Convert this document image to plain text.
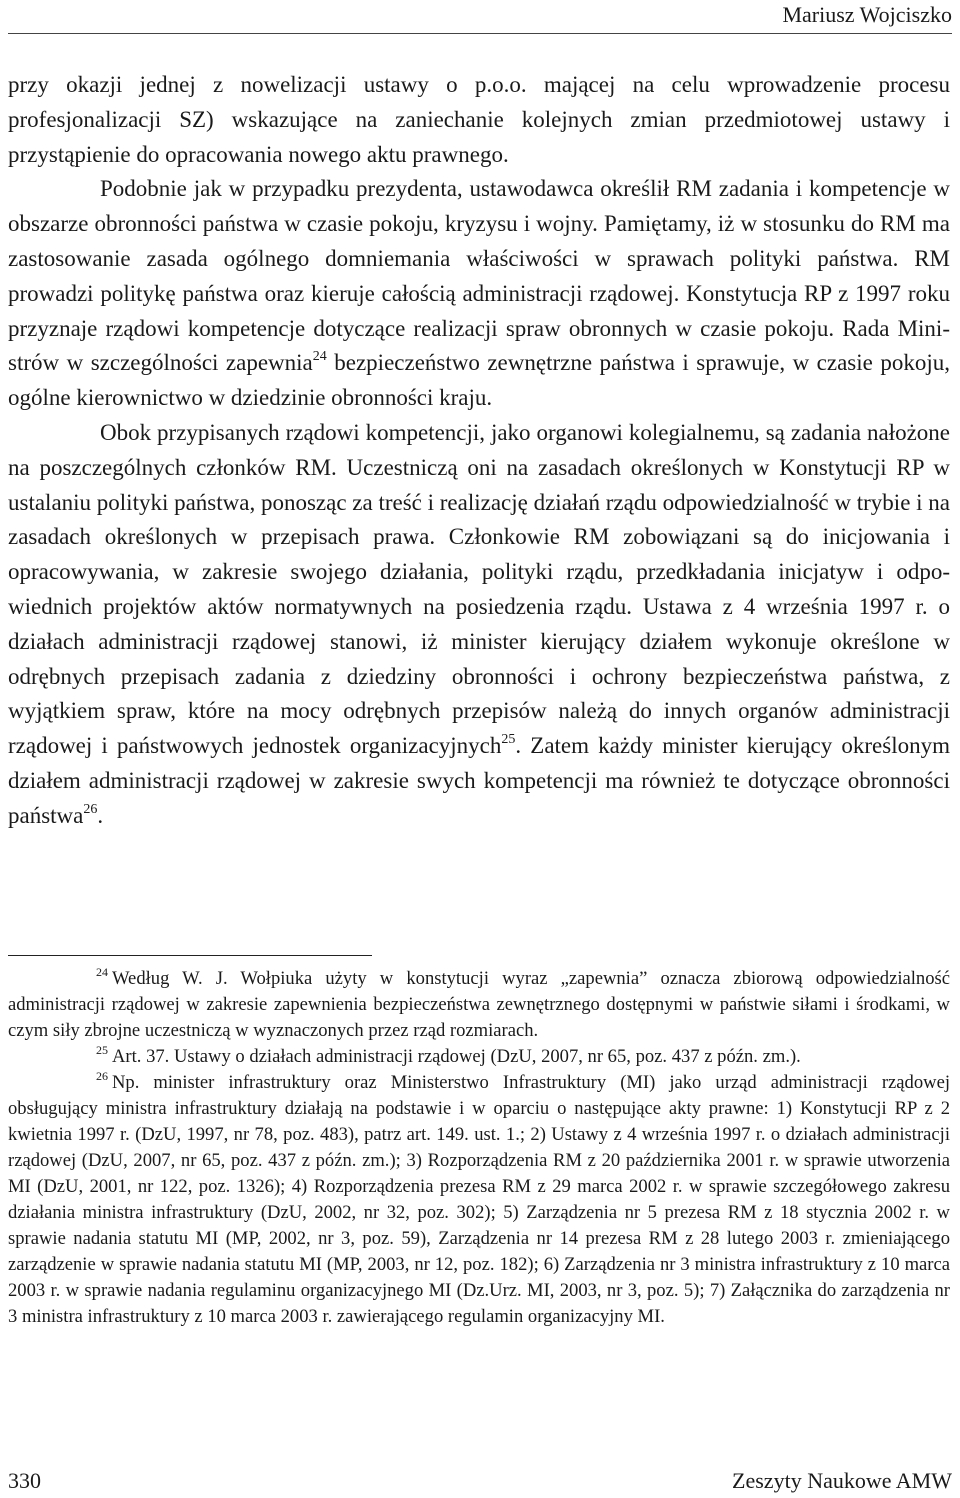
Mariusz Wojciszko

przy okazji jednej z nowelizacji ustawy o p.o.o. mającej na celu wprowadzenie procesu profesjonalizacji SZ) wskazujące na zaniechanie kolejnych zmian przedmiotowej ustawy i przystąpienie do opracowania nowego aktu prawnego.

Podobnie jak w przypadku prezydenta, ustawodawca określił RM zadania i kompetencje w obszarze obronności państwa w czasie pokoju, kryzysu i wojny. Pamiętamy, iż w stosunku do RM ma zastosowanie zasada ogólnego domniemania właściwości w sprawach polityki państwa. RM prowadzi politykę państwa oraz kieruje całością administracji rządowej. Konstytucja RP z 1997 roku przyznaje rządowi kompetencje dotyczące realizacji spraw obronnych w czasie pokoju. Rada Ministrów w szczególności zapewnia$^{24}$ bezpieczeństwo zewnętrzne państwa i sprawuje, w czasie pokoju, ogólne kierownictwo w dziedzinie obronności kraju.

Obok przypisanych rządowi kompetencji, jako organowi kolegialnemu, są zadania nałożone na poszczególnych członków RM. Uczestniczą oni na zasadach określonych w Konstytucji RP w ustalaniu polityki państwa, ponosząc za treść i realizację działań rządu odpowiedzialność w trybie i na zasadach określonych w przepisach prawa. Członkowie RM zobowiązani są do inicjowania i opracowywania, w zakresie swojego działania, polityki rządu, przedkładania inicjatyw i odpowiednich projektów aktów normatywnych na posiedzenia rządu. Ustawa z 4 września 1997 r. o działach administracji rządowej stanowi, iż minister kierujący działem wykonuje określone w odrębnych przepisach zadania z dziedziny obronności i ochrony bezpieczeństwa państwa, z wyjątkiem spraw, które na mocy odrębnych przepisów należą do innych organów administracji rządowej i państwowych jednostek organizacyjnych$^{25}$. Zatem każdy minister kierujący określonym działem administracji rządowej w zakresie swych kompetencji ma również te dotyczące obronności państwa$^{26}$.

$^{24}$ Według W. J. Wołpiuka użyty w konstytucji wyraz „zapewnia” oznacza zbiorową odpowiedzialność administracji rządowej w zakresie zapewnienia bezpieczeństwa zewnętrznego dostępnymi w państwie siłami i środkami, w czym siły zbrojne uczestniczą w wyznaczonych przez rząd rozmiarach.

$^{25}$ Art. 37. Ustawy o działach administracji rządowej (DzU, 2007, nr 65, poz. 437 z późn. zm.).

$^{26}$ Np. minister infrastruktury oraz Ministerstwo Infrastruktury (MI) jako urząd administracji rządowej obsługujący ministra infrastruktury działają na podstawie i w oparciu o następujące akty prawne: 1) Konstytucji RP z 2 kwietnia 1997 r. (DzU, 1997, nr 78, poz. 483), patrz art. 149. ust. 1.; 2) Ustawy z 4 września 1997 r. o działach administracji rządowej (DzU, 2007, nr 65, poz. 437 z późn. zm.); 3) Rozporządzenia RM z 20 października 2001 r. w sprawie utworzenia MI (DzU, 2001, nr 122, poz. 1326); 4) Rozporządzenia prezesa RM z 29 marca 2002 r. w sprawie szczegółowego zakresu działania ministra infrastruktury (DzU, 2002, nr 32, poz. 302); 5) Zarządzenia nr 5 prezesa RM z 18 stycznia 2002 r. w sprawie nadania statutu MI (MP, 2002, nr 3, poz. 59), Zarządzenia nr 14 prezesa RM z 28 lutego 2003 r. zmieniającego zarządzenie w sprawie nadania statutu MI (MP, 2003, nr 12, poz. 182); 6) Zarządzenia nr 3 ministra infrastruktury z 10 marca 2003 r. w sprawie nadania regulaminu organizacyjnego MI (Dz.Urz. MI, 2003, nr 3, poz. 5); 7) Załącznika do zarządzenia nr 3 ministra infrastruktury z 10 marca 2003 r. zawierającego regulamin organizacyjny MI.

330	Zeszyty Naukowe AMW
